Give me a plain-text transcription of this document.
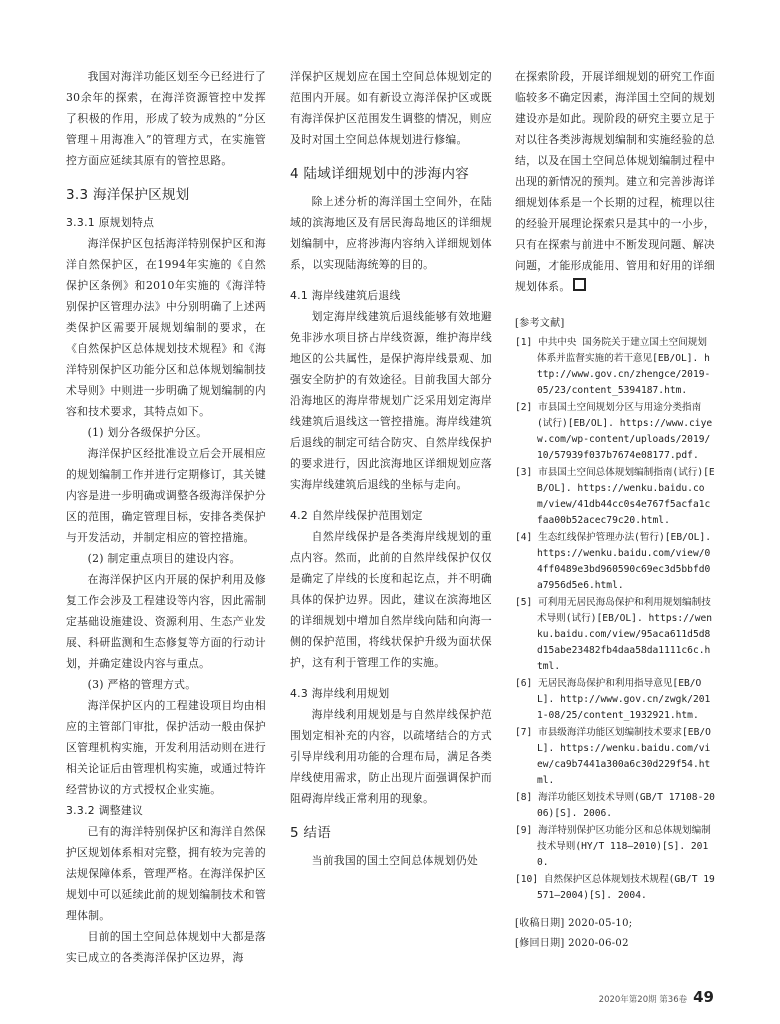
我国对海洋功能区划至今已经进行了30余年的探索，在海洋资源管控中发挥了积极的作用，形成了较为成熟的“分区管理＋用海准入”的管理方式，在实施管控方面应延续其原有的管控思路。

3.3 海洋保护区规划

3.3.1 原规划特点

海洋保护区包括海洋特别保护区和海洋自然保护区，在1994年实施的《自然保护区条例》和2010年实施的《海洋特别保护区管理办法》中分别明确了上述两类保护区需要开展规划编制的要求，在《自然保护区总体规划技术规程》和《海洋特别保护区功能分区和总体规划编制技术导则》中则进一步明确了规划编制的内容和技术要求，其特点如下。

(1) 划分各级保护分区。

海洋保护区经批准设立后会开展相应的规划编制工作并进行定期修订，其关键内容是进一步明确或调整各级海洋保护分区的范围，确定管理目标，安排各类保护与开发活动，并制定相应的管控措施。

(2) 制定重点项目的建设内容。

在海洋保护区内开展的保护利用及修复工作会涉及工程建设等内容，因此需制定基础设施建设、资源利用、生态产业发展、科研监测和生态修复等方面的行动计划，并确定建设内容与重点。

(3) 严格的管理方式。

海洋保护区内的工程建设项目均由相应的主管部门审批，保护活动一般由保护区管理机构实施，开发利用活动则在进行相关论证后由管理机构实施，或通过特许经营协议的方式授权企业实施。

3.3.2 调整建议

已有的海洋特别保护区和海洋自然保护区规划体系相对完整，拥有较为完善的法规保障体系，管理严格。在海洋保护区规划中可以延续此前的规划编制技术和管理体制。

目前的国土空间总体规划中大都是落实已成立的各类海洋保护区边界，海

洋保护区规划应在国土空间总体规划定的范围内开展。如有新设立海洋保护区或既有海洋保护区范围发生调整的情况，则应及时对国土空间总体规划进行修编。

4 陆域详细规划中的涉海内容

除上述分析的海洋国土空间外，在陆域的滨海地区及有居民海岛地区的详细规划编制中，应将涉海内容纳入详细规划体系，以实现陆海统筹的目的。

4.1 海岸线建筑后退线

划定海岸线建筑后退线能够有效地避免非涉水项目挤占岸线资源，维护海岸线地区的公共属性，是保护海岸线景观、加强安全防护的有效途径。目前我国大部分沿海地区的海岸带规划广泛采用划定海岸线建筑后退线这一管控措施。海岸线建筑后退线的制定可结合防灾、自然岸线保护的要求进行，因此滨海地区详细规划应落实海岸线建筑后退线的坐标与走向。

4.2 自然岸线保护范围划定

自然岸线保护是各类海岸线规划的重点内容。然而，此前的自然岸线保护仅仅是确定了岸线的长度和起讫点，并不明确具体的保护边界。因此，建议在滨海地区的详细规划中增加自然岸线向陆和向海一侧的保护范围，将线状保护升级为面状保护，这有利于管理工作的实施。

4.3 海岸线利用规划

海岸线利用规划是与自然岸线保护范围划定相补充的内容，以疏堵结合的方式引导岸线利用功能的合理布局，满足各类岸线使用需求，防止出现片面强调保护而阻碍海岸线正常利用的现象。

5 结语

当前我国的国土空间总体规划仍处

在探索阶段，开展详细规划的研究工作面临较多不确定因素，海洋国土空间的规划建设亦是如此。现阶段的研究主要立足于对以往各类涉海规划编制和实施经验的总结，以及在国土空间总体规划编制过程中出现的新情况的预判。建立和完善涉海详细规划体系是一个长期的过程，梳理以往的经验开展理论探索只是其中的一小步，只有在探索与前进中不断发现问题、解决问题，才能形成能用、管用和好用的详细规划体系。

[参考文献]

[1] 中共中央 国务院关于建立国土空间规划体系并监督实施的若干意见[EB/OL]. http://www.gov.cn/zhengce/2019-05/23/content_5394187.htm.

[2] 市县国土空间规划分区与用途分类指南(试行)[EB/OL]. https://www.ciyew.com/wp-content/uploads/2019/10/57939f037b7674e08177.pdf.

[3] 市县国土空间总体规划编制指南(试行)[EB/OL]. https://wenku.baidu.com/view/41db44cc0s4e767f5acfa1cfaa00b52acec79c20.html.

[4] 生态红线保护管理办法(暂行)[EB/OL]. https://wenku.baidu.com/view/04ff0489e3bd960590c69ec3d5bbfd0a7956d5e6.html.

[5] 可利用无居民海岛保护和利用规划编制技术导则(试行)[EB/OL]. https://wenku.baidu.com/view/95aca611d5d8d15abe23482fb4daa58da1111c6c.html.

[6] 无居民海岛保护和利用指导意见[EB/OL]. http://www.gov.cn/zwgk/2011-08/25/content_1932921.htm.

[7] 市县级海洋功能区划编制技术要求[EB/OL]. https://wenku.baidu.com/view/ca9b7441a300a6c30d229f54.html.

[8] 海洋功能区划技术导则(GB/T 17108-2006)[S]. 2006.

[9] 海洋特别保护区功能分区和总体规划编制技术导则(HY/T 118—2010)[S]. 2010.

[10] 自然保护区总体规划技术规程(GB/T 19571—2004)[S]. 2004.

[收稿日期] 2020-05-10;

[修回日期] 2020-06-02

2020年第20期 第36卷 49
